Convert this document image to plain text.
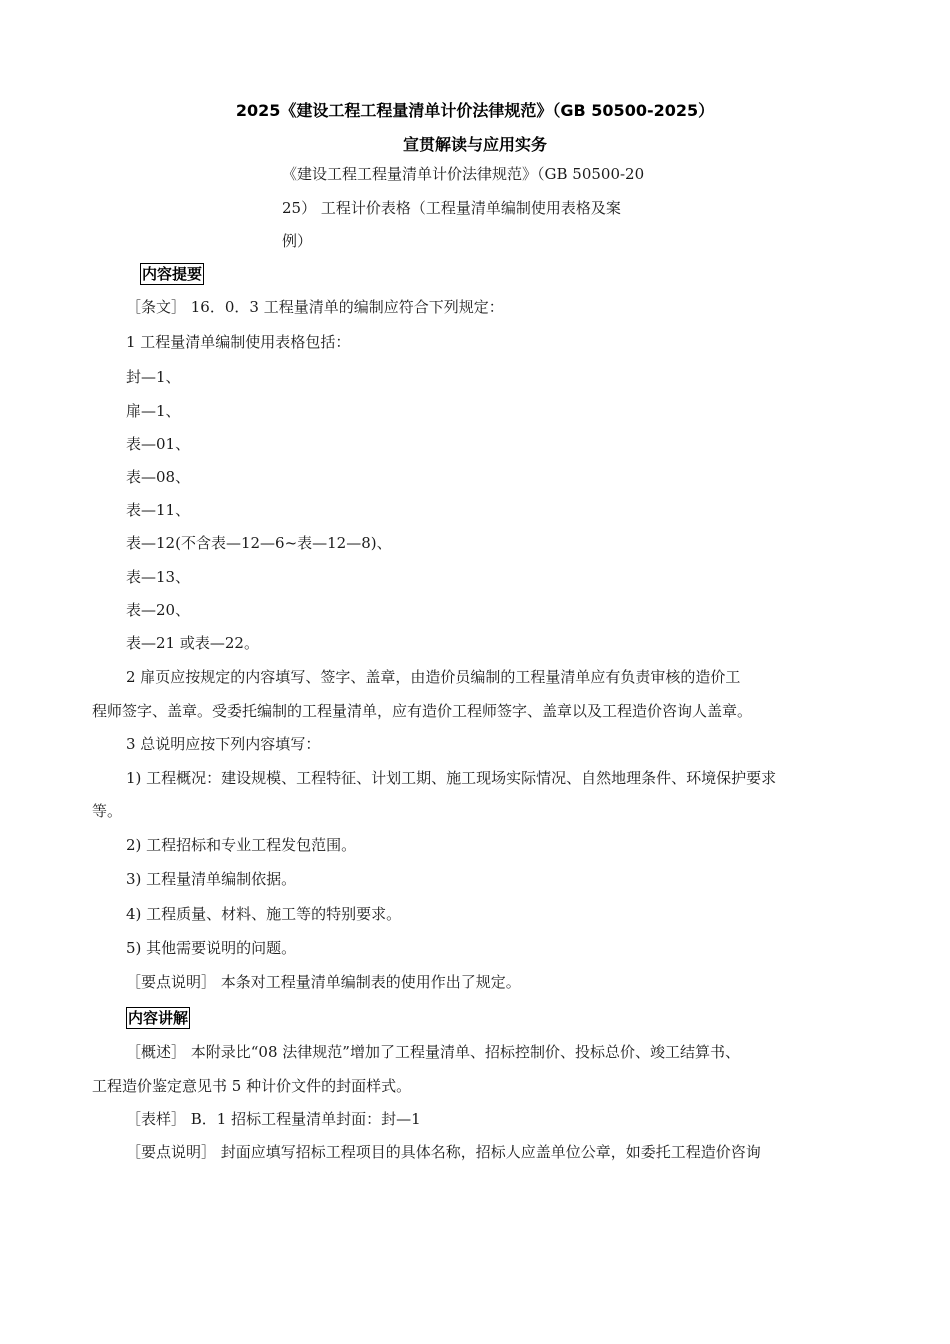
2025《建设工程工程量清单计价法律规范》（GB 50500-2025）
宣贯解读与应用实务
《建设工程工程量清单计价法律规范》（GB 50500-20
25） 工程计价表格（工程量清单编制使用表格及案
例）
内容提要
［条文］ 16．0．3 工程量清单的编制应符合下列规定：
1 工程量清单编制使用表格包括：
封—1、
扉—1、
表—01、
表—08、
表—11、
表—12(不含表—12—6~表—12—8)、
表—13、
表—20、
表—21 或表—22。
2 扉页应按规定的内容填写、签字、盖章，由造价员编制的工程量清单应有负责审核的造价工
程师签字、盖章。受委托编制的工程量清单，应有造价工程师签字、盖章以及工程造价咨询人盖章。
3 总说明应按下列内容填写：
1) 工程概况：建设规模、工程特征、计划工期、施工现场实际情况、自然地理条件、环境保护要求
等。
2) 工程招标和专业工程发包范围。
3) 工程量清单编制依据。
4) 工程质量、材料、施工等的特别要求。
5) 其他需要说明的问题。
［要点说明］ 本条对工程量清单编制表的使用作出了规定。
内容讲解
［概述］ 本附录比“08 法律规范”增加了工程量清单、招标控制价、投标总价、竣工结算书、
工程造价鉴定意见书 5 种计价文件的封面样式。
［表样］ B．1 招标工程量清单封面：封—1
［要点说明］ 封面应填写招标工程项目的具体名称，招标人应盖单位公章，如委托工程造价咨询
